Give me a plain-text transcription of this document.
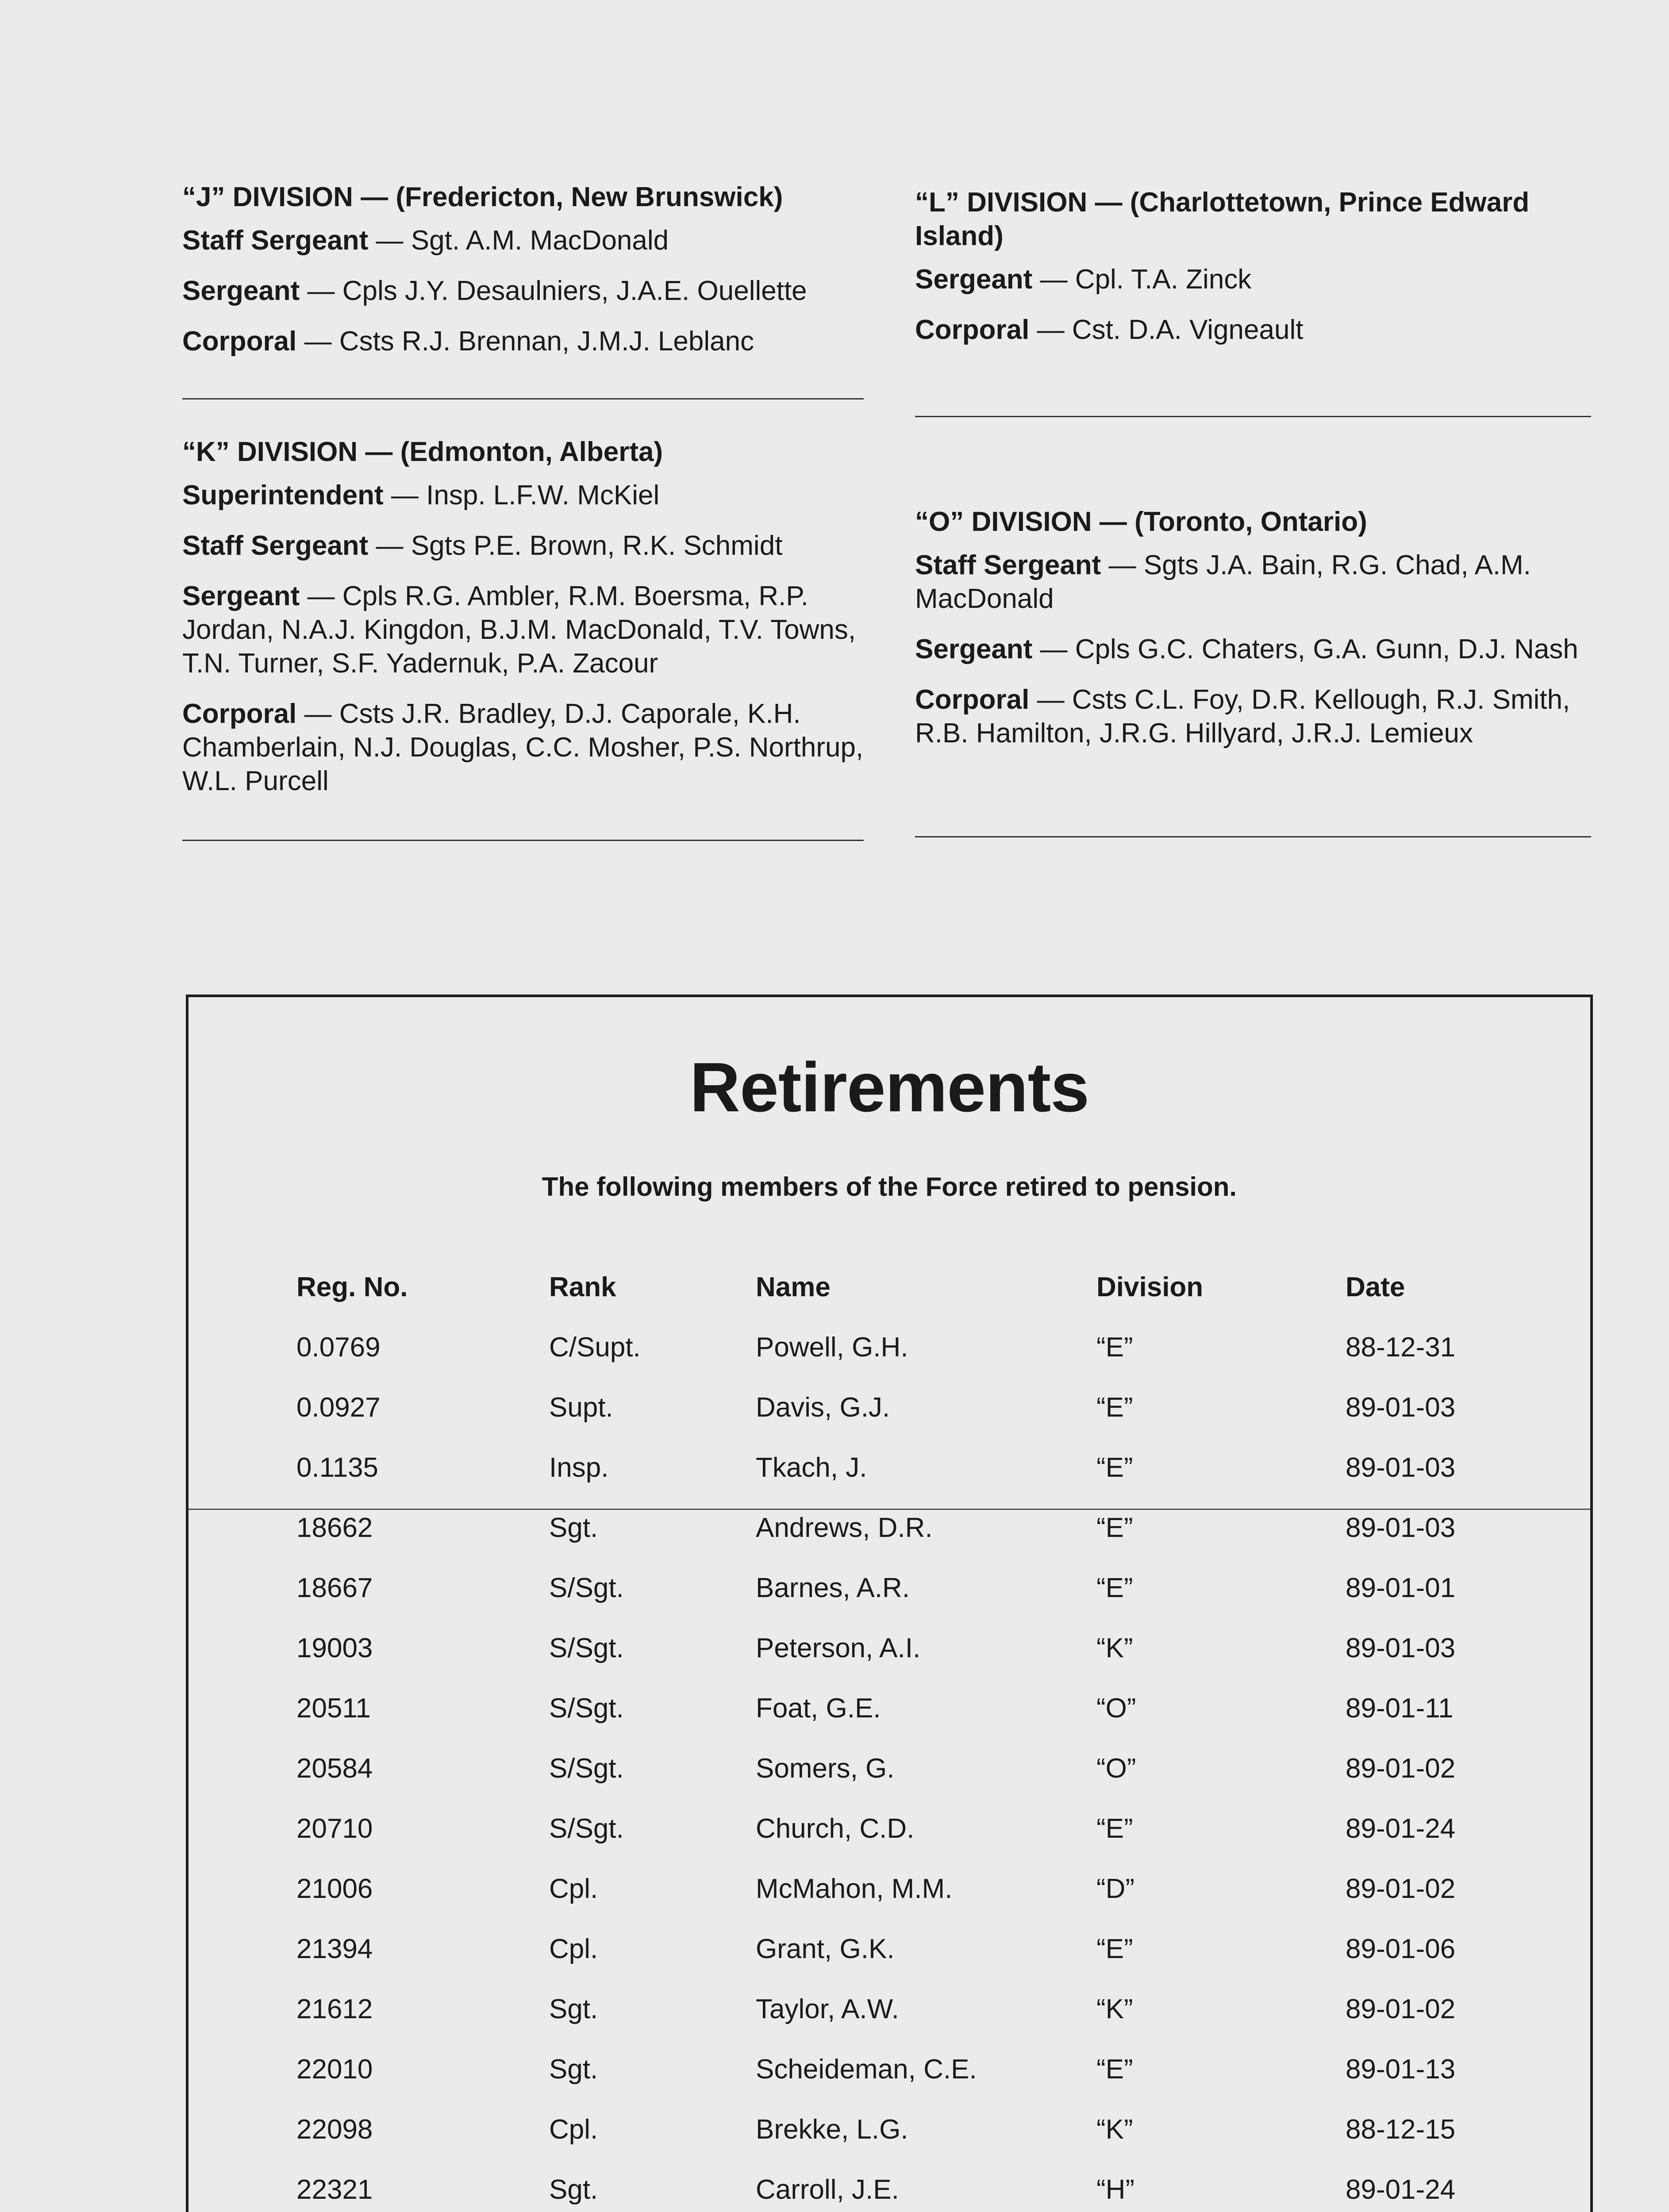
“J” DIVISION — (Fredericton, New Brunswick)
Staff Sergeant — Sgt. A.M. MacDonald
Sergeant — Cpls J.Y. Desaulniers, J.A.E. Ouellette
Corporal — Csts R.J. Brennan, J.M.J. Leblanc
“K” DIVISION — (Edmonton, Alberta)
Superintendent — Insp. L.F.W. McKiel
Staff Sergeant — Sgts P.E. Brown, R.K. Schmidt
Sergeant — Cpls R.G. Ambler, R.M. Boersma, R.P. Jordan, N.A.J. Kingdon, B.J.M. MacDonald, T.V. Towns, T.N. Turner, S.F. Yadernuk, P.A. Zacour
Corporal — Csts J.R. Bradley, D.J. Caporale, K.H. Chamberlain, N.J. Douglas, C.C. Mosher, P.S. Northrup, W.L. Purcell
“L” DIVISION — (Charlottetown, Prince Edward Island)
Sergeant — Cpl. T.A. Zinck
Corporal — Cst. D.A. Vigneault
“O” DIVISION — (Toronto, Ontario)
Staff Sergeant — Sgts J.A. Bain, R.G. Chad, A.M. MacDonald
Sergeant — Cpls G.C. Chaters, G.A. Gunn, D.J. Nash
Corporal — Csts C.L. Foy, D.R. Kellough, R.J. Smith, R.B. Hamilton, J.R.G. Hillyard, J.R.J. Lemieux
Retirements
The following members of the Force retired to pension.
Reg. No.	Rank	Name	Division	Date
0.0769	C/Supt.	Powell, G.H.	“E”	88-12-31
0.0927	Supt.	Davis, G.J.	“E”	89-01-03
0.1135	Insp.	Tkach, J.	“E”	89-01-03
18662	Sgt.	Andrews, D.R.	“E”	89-01-03
18667	S/Sgt.	Barnes, A.R.	“E”	89-01-01
19003	S/Sgt.	Peterson, A.I.	“K”	89-01-03
20511	S/Sgt.	Foat, G.E.	“O”	89-01-11
20584	S/Sgt.	Somers, G.	“O”	89-01-02
20710	S/Sgt.	Church, C.D.	“E”	89-01-24
21006	Cpl.	McMahon, M.M.	“D”	89-01-02
21394	Cpl.	Grant, G.K.	“E”	89-01-06
21612	Sgt.	Taylor, A.W.	“K”	89-01-02
22010	Sgt.	Scheideman, C.E.	“E”	89-01-13
22098	Cpl.	Brekke, L.G.	“K”	88-12-15
22321	Sgt.	Carroll, J.E.	“H”	89-01-24
